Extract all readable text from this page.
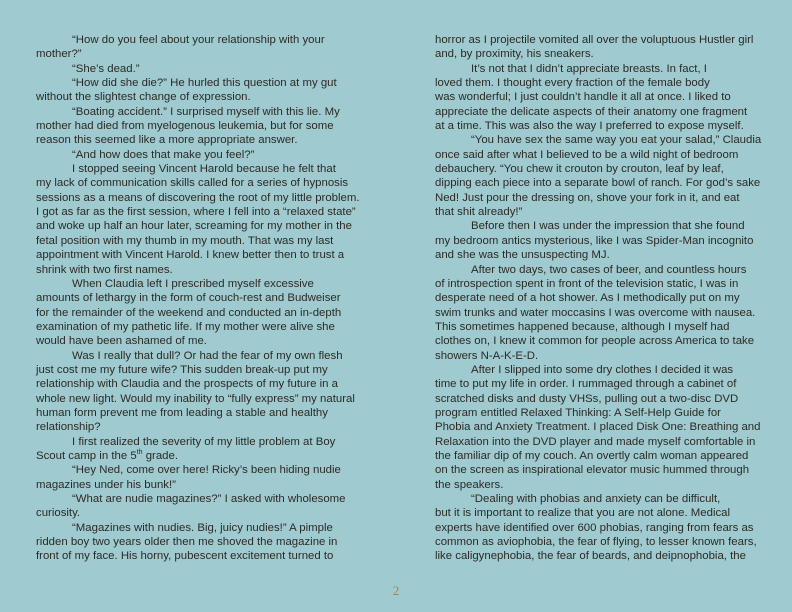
“How do you feel about your relationship with your

mother?”

“She’s dead.”

“How did she die?” He hurled this question at my gut

without the slightest change of expression.

“Boating accident.” I surprised myself with this lie. My

mother had died from myelogenous leukemia, but for some

reason this seemed like a more appropriate answer.

“And how does that make you feel?”

I stopped seeing Vincent Harold because he felt that

my lack of communication skills called for a series of hypnosis

sessions as a means of discovering the root of my little problem.

I got as far as the first session, where I fell into a “relaxed state”

and woke up half an hour later, screaming for my mother in the

fetal position with my thumb in my mouth. That was my last

appointment with Vincent Harold. I knew better then to trust a

shrink with two first names.

When Claudia left I prescribed myself excessive

amounts of lethargy in the form of couch-rest and Budweiser

for the remainder of the weekend and conducted an in-depth

examination of my pathetic life. If my mother were alive she

would have been ashamed of me.

Was I really that dull? Or had the fear of my own flesh

just cost me my future wife? This sudden break-up put my

relationship with Claudia and the prospects of my future in a

whole new light. Would my inability to “fully express” my natural

human form prevent me from leading a stable and healthy

relationship?

I first realized the severity of my little problem at Boy

Scout camp in the 5th grade.

“Hey Ned, come over here! Ricky’s been hiding nudie

magazines under his bunk!”

“What are nudie magazines?” I asked with wholesome

curiosity.

“Magazines with nudies. Big, juicy nudies!” A pimple

ridden boy two years older then me shoved the magazine in

front of my face. His horny, pubescent excitement turned to

horror as I projectile vomited all over the voluptuous Hustler girl

and, by proximity, his sneakers.

It’s not that I didn’t appreciate breasts. In fact, I

loved them. I thought every fraction of the female body

was wonderful; I just couldn’t handle it all at once. I liked to

appreciate the delicate aspects of their anatomy one fragment

at a time. This was also the way I preferred to expose myself.

“You have sex the same way you eat your salad,” Claudia

once said after what I believed to be a wild night of bedroom

debauchery. “You chew it crouton by crouton, leaf by leaf,

dipping each piece into a separate bowl of ranch. For god’s sake

Ned! Just pour the dressing on, shove your fork in it, and eat

that shit already!”

Before then I was under the impression that she found

my bedroom antics mysterious, like I was Spider-Man incognito

and she was the unsuspecting MJ.

After two days, two cases of beer, and countless hours

of introspection spent in front of the television static, I was in

desperate need of a hot shower. As I methodically put on my

swim trunks and water moccasins I was overcome with nausea.

This sometimes happened because, although I myself had

clothes on, I knew it common for people across America to take

showers N-A-K-E-D.

After I slipped into some dry clothes I decided it was

time to put my life in order. I rummaged through a cabinet of

scratched disks and dusty VHSs, pulling out a two-disc DVD

program entitled Relaxed Thinking: A Self-Help Guide for

Phobia and Anxiety Treatment. I placed Disk One: Breathing and

Relaxation into the DVD player and made myself comfortable in

the familiar dip of my couch. An overtly calm woman appeared

on the screen as inspirational elevator music hummed through

the speakers.

“Dealing with phobias and anxiety can be difficult,

but it is important to realize that you are not alone. Medical

experts have identified over 600 phobias, ranging from fears as

common as aviophobia, the fear of flying, to lesser known fears,

like caligynephobia, the fear of beards, and deipnophobia, the

2
